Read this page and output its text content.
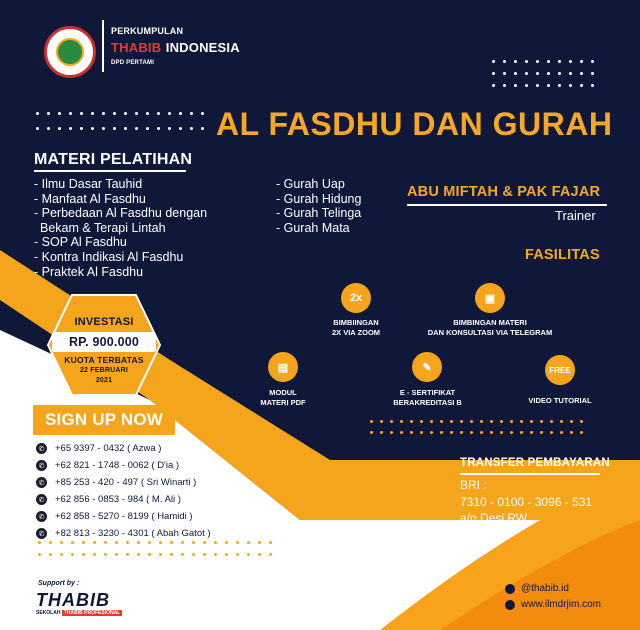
PERKUMPULAN
THABIB INDONESIA
DPD PERTAMI
AL FASDHU DAN GURAH
MATERI PELATIHAN
- Ilmu Dasar Tauhid
- Manfaat Al Fasdhu
- Perbedaan Al Fasdhu dengan
Bekam & Terapi Lintah
- SOP Al Fasdhu
- Kontra Indikasi Al Fasdhu
- Praktek Al Fasdhu
- Gurah Uap
- Gurah Hidung
- Gurah Telinga
- Gurah Mata
ABU MIFTAH & PAK FAJAR
Trainer
FASILITAS
2x
BIMBIINGAN
2X VIA ZOOM
▣
BIMBINGAN MATERI
DAN KONSULTASI VIA TELEGRAM
▤
MODUL
MATERI PDF
✎
E - SERTIFIKAT
BERAKREDITASI B
FREE
VIDEO TUTORIAL
INVESTASI
RP. 900.000
KUOTA TERBATAS
22 FEBRUARI
2021
SIGN UP NOW
✆ +65 9397 - 0432 ( Azwa )
✆ +62 821 - 1748 - 0062 ( D'ia )
✆ +85 253 - 420 - 497 ( Sri Winarti )
✆ +62 856 - 0853 - 984 ( M. Ali )
✆ +62 858 - 5270 - 8199 ( Hamidi )
✆ +82 813 - 3230 - 4301 ( Abah Gatot )
TRANSFER PEMBAYARAN
BRI :
7310 - 0100 - 3096 - 531
a/n Desi RW
Support by :
THABIB
SEKOLAH THABIB PROFESIONAL
@thabib.id
www.ilmdrjim.com
